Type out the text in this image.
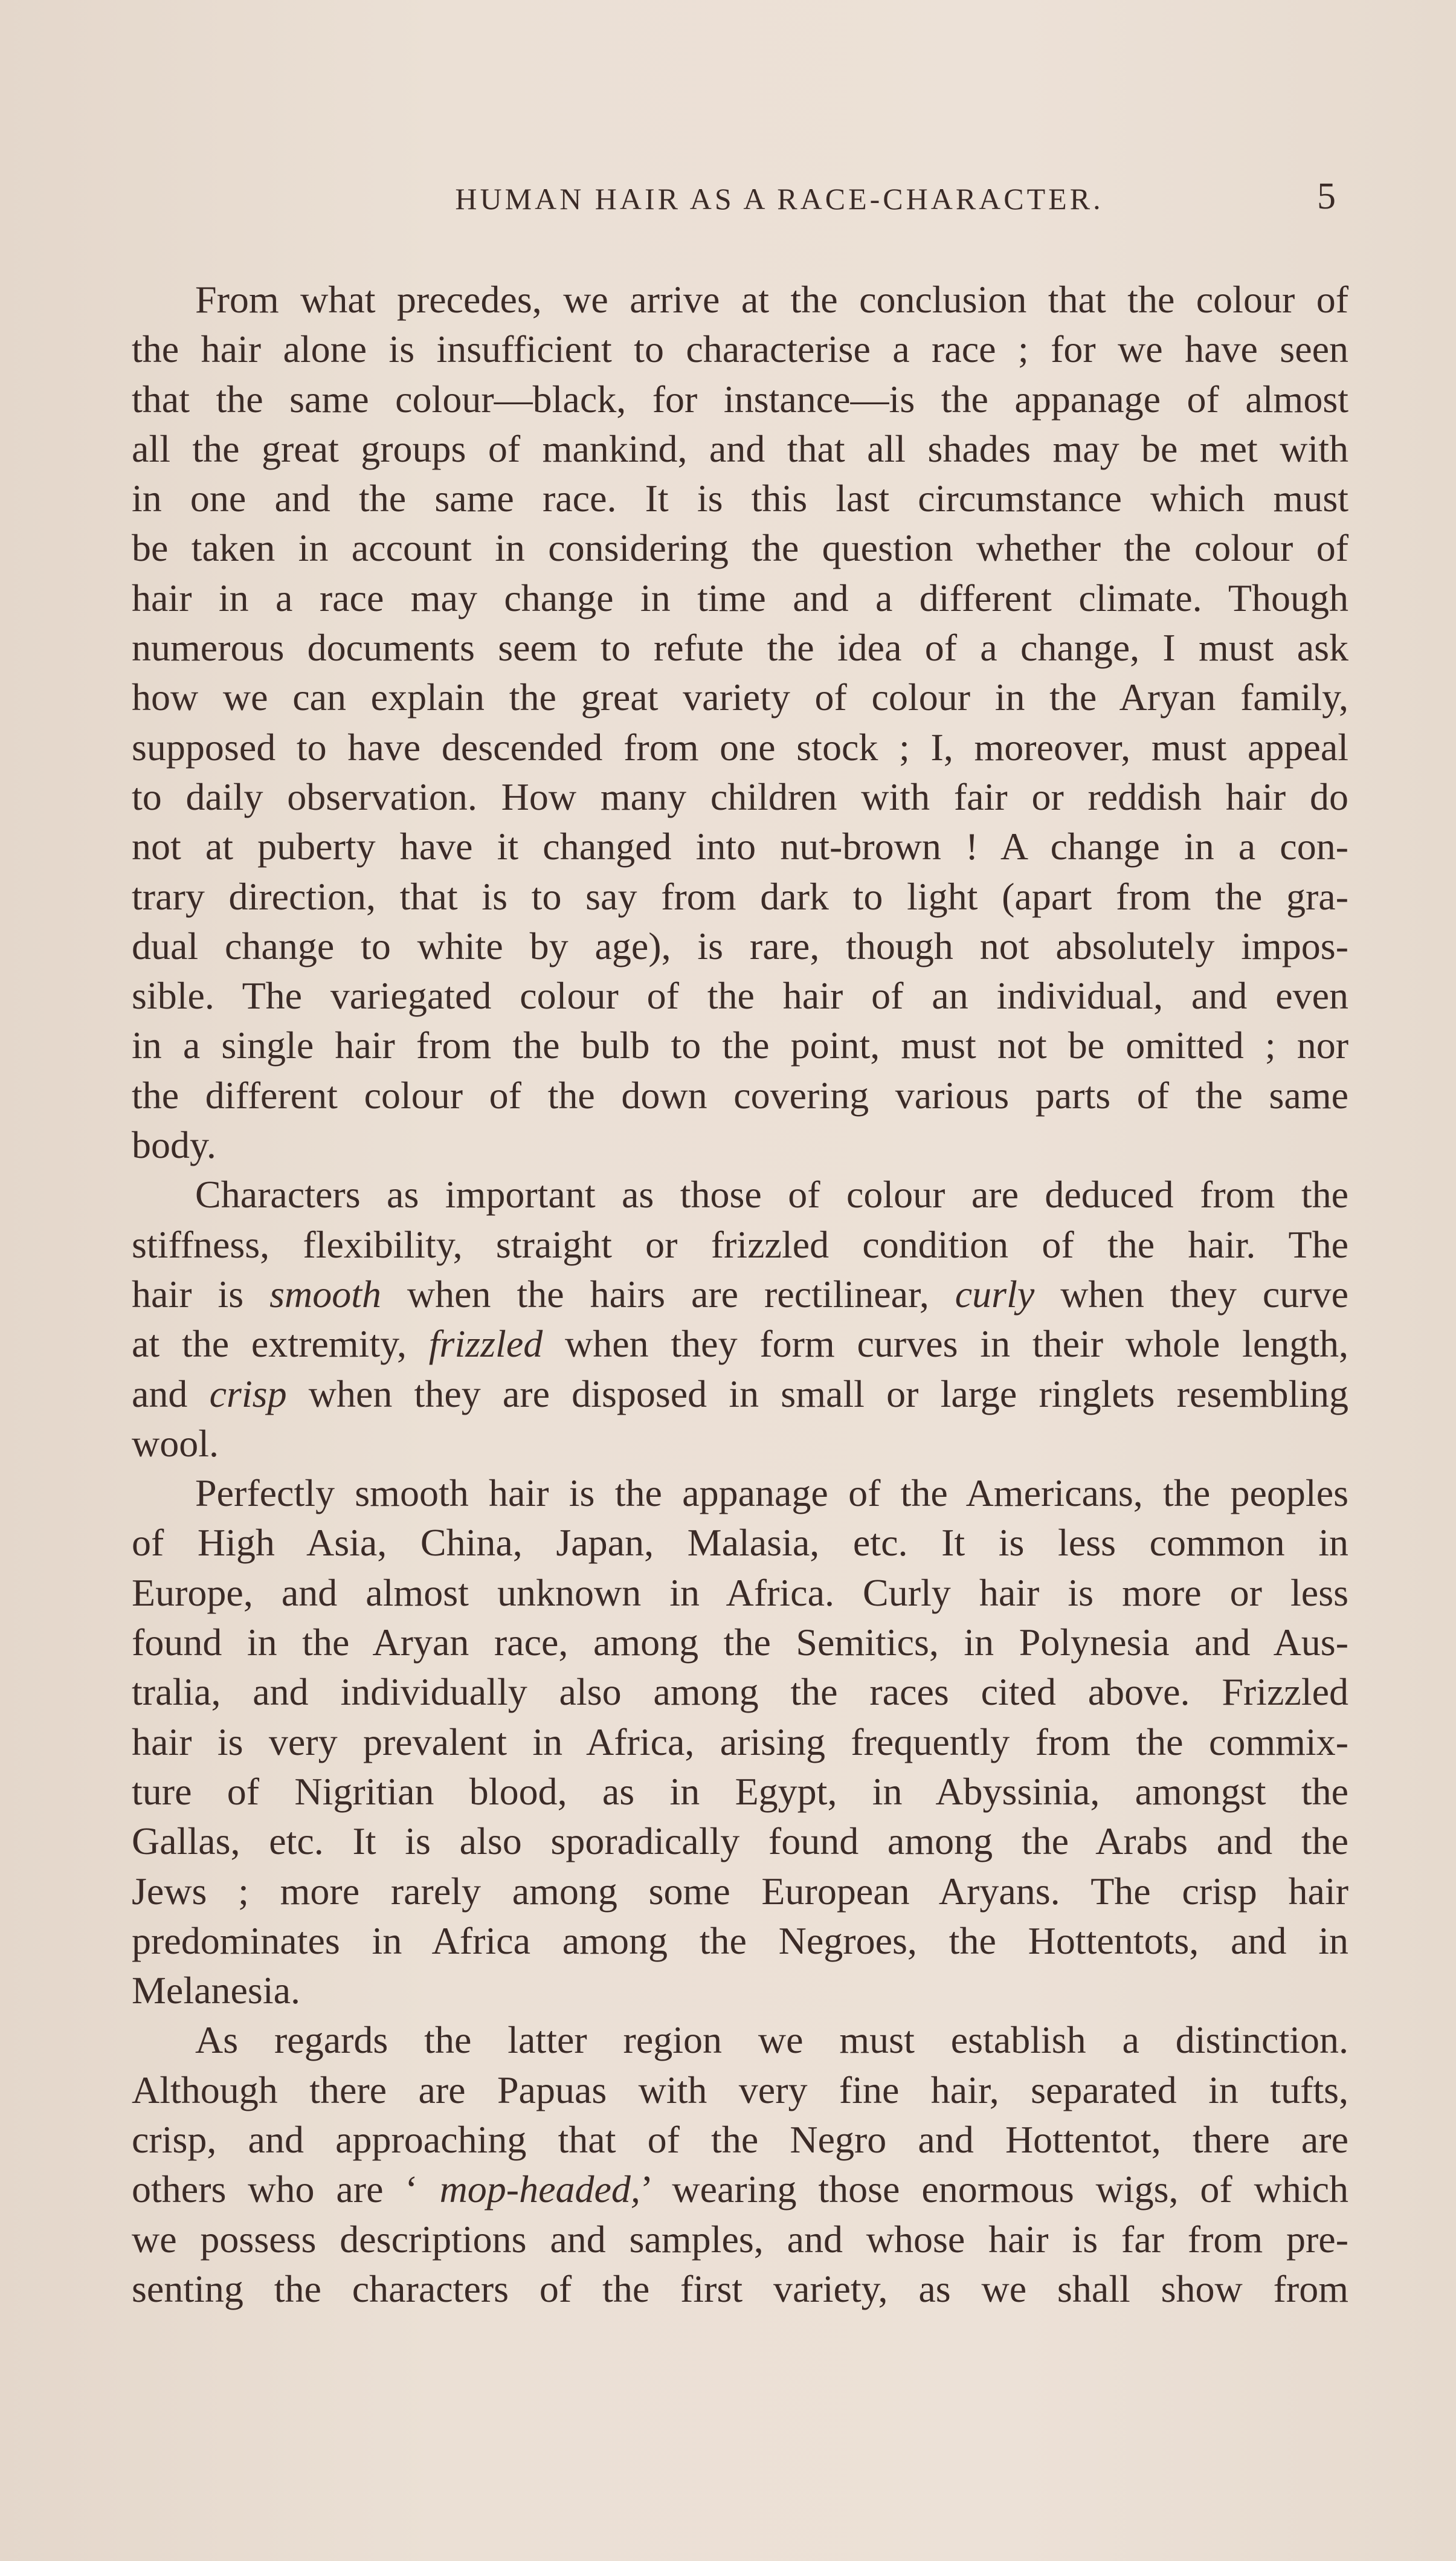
HUMAN HAIR AS A RACE-CHARACTER.	5
From what precedes, we arrive at the conclusion that the colour of
the hair alone is insufficient to characterise a race ; for we have seen
that the same colour—black, for instance—is the appanage of almost
all the great groups of mankind, and that all shades may be met with
in one and the same race. It is this last circumstance which must
be taken in account in considering the question whether the colour of
hair in a race may change in time and a different climate. Though
numerous documents seem to refute the idea of a change, I must ask
how we can explain the great variety of colour in the Aryan family,
supposed to have descended from one stock ; I, moreover, must appeal
to daily observation. How many children with fair or reddish hair do
not at puberty have it changed into nut-brown ! A change in a con-
trary direction, that is to say from dark to light (apart from the gra-
dual change to white by age), is rare, though not absolutely impos-
sible. The variegated colour of the hair of an individual, and even
in a single hair from the bulb to the point, must not be omitted ; nor
the different colour of the down covering various parts of the same
body.
Characters as important as those of colour are deduced from the
stiffness, flexibility, straight or frizzled condition of the hair. The
hair is smooth when the hairs are rectilinear, curly when they curve
at the extremity, frizzled when they form curves in their whole length,
and crisp when they are disposed in small or large ringlets resembling
wool.
Perfectly smooth hair is the appanage of the Americans, the peoples
of High Asia, China, Japan, Malasia, etc. It is less common in
Europe, and almost unknown in Africa. Curly hair is more or less
found in the Aryan race, among the Semitics, in Polynesia and Aus-
tralia, and individually also among the races cited above. Frizzled
hair is very prevalent in Africa, arising frequently from the commix-
ture of Nigritian blood, as in Egypt, in Abyssinia, amongst the
Gallas, etc. It is also sporadically found among the Arabs and the
Jews ; more rarely among some European Aryans. The crisp hair
predominates in Africa among the Negroes, the Hottentots, and in
Melanesia.
As regards the latter region we must establish a distinction.
Although there are Papuas with very fine hair, separated in tufts,
crisp, and approaching that of the Negro and Hottentot, there are
others who are ‘ mop-headed,’ wearing those enormous wigs, of which
we possess descriptions and samples, and whose hair is far from pre-
senting the characters of the first variety, as we shall show from
